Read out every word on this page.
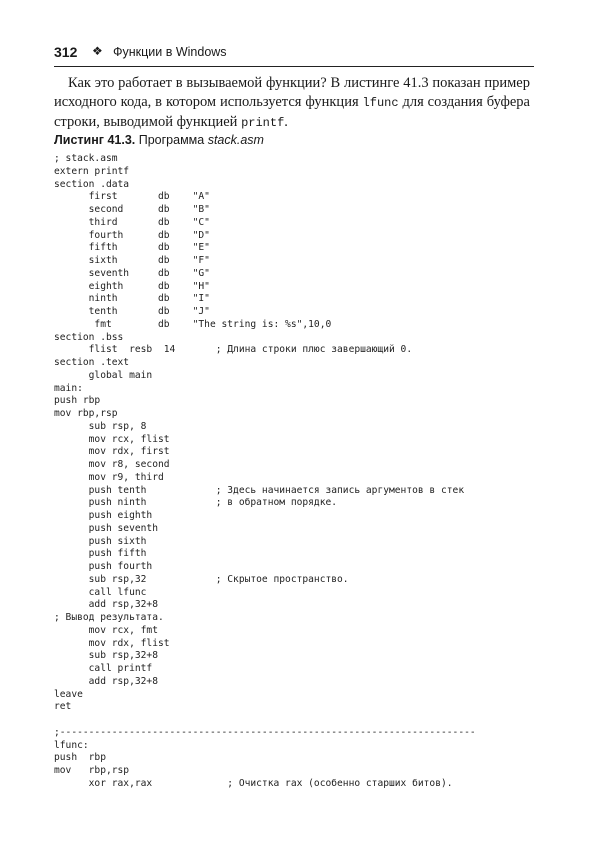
312 ❖ Функции в Windows

Как это работает в вызываемой функции? В листинге 41.3 показан пример исходного кода, в котором используется функция lfunc для создания буфера строки, выводимой функцией printf.

Листинг 41.3. Программа stack.asm
; stack.asm
extern printf
section .data
first       db    "A"
second      db    "B"
third       db    "C"
fourth      db    "D"
fifth       db    "E"
sixth       db    "F"
seventh     db    "G"
eighth      db    "H"
ninth       db    "I"
tenth       db    "J"
fmt        db    "The string is: %s",10,0
section .bss
flist  resb  14       ; Длина строки плюс завершающий 0.
section .text
global main
main:
push rbp
mov rbp,rsp
sub rsp, 8
mov rcx, flist
mov rdx, first
mov r8, second
mov r9, third
push tenth            ; Здесь начинается запись аргументов в стек
push ninth            ; в обратном порядке.
push eighth
push seventh
push sixth
push fifth
push fourth
sub rsp,32            ; Скрытое пространство.
call lfunc
add rsp,32+8
; Вывод результата.
mov rcx, fmt
mov rdx, flist
sub rsp,32+8
call printf
add rsp,32+8
leave
ret
;------------------------------------------------------------------------
lfunc:
push  rbp
mov   rbp,rsp
xor rax,rax             ; Очистка rax (особенно старших битов).
